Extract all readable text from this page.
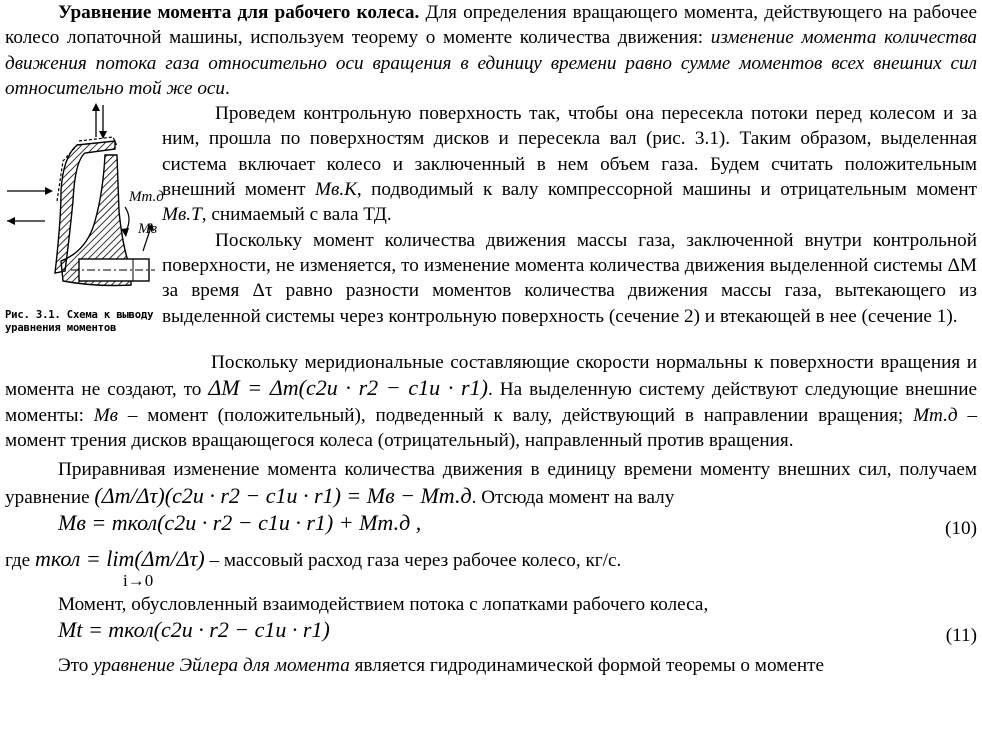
Уравнение момента для рабочего колеса. Для определения вращающего момента, действующего на рабочее колесо лопаточной машины, используем теорему о моменте количества движения: изменение момента количества движения потока газа относительно оси вращения в единицу времени равно сумме моментов всех внешних сил относительно той же оси.

Mт.д
Mв
Рис. 3.1. Схема к выводу уравнения моментов

Проведем контрольную поверхность так, чтобы она пересекла потоки перед колесом и за ним, прошла по поверхностям дисков и пересекла вал (рис. 3.1). Таким образом, выделенная система включает колесо и заключенный в нем объем газа. Будем считать положительным внешний момент Mв.К, подводимый к валу компрессорной машины и отрицательным момент Mв.Т, снимаемый с вала ТД.

Поскольку момент количества движения массы газа, заключенной внутри контрольной поверхности, не изменяется, то изменение момента количества движения выделенной системы ΔM за время Δτ равно разности моментов количества движения массы газа, вытекающего из выделенной системы через контрольную поверхность (сечение 2) и втекающей в нее (сечение 1).

Поскольку меридиональные составляющие скорости нормальны к поверхности вращения и момента не создают, то ΔM = Δm(c2u · r2 − c1u · r1). На выделенную систему действуют следующие внешние моменты: Mв – момент (положительный), подведенный к валу, действующий в направлении вращения; Mт.д – момент трения дисков вращающегося колеса (отрицательный), направленный против вращения.

Приравнивая изменение момента количества движения в единицу времени моменту внешних сил, получаем уравнение (Δm/Δτ)(c2u · r2 − c1u · r1) = Mв − Mт.д. Отсюда момент на валу

Mв = mкол(c2u · r2 − c1u · r1) + Mт.д ,	(10)
где mкол = lim(Δm/Δτ) – массовый расход газа через рабочее колесо, кг/с.
i→0

Момент, обусловленный взаимодействием потока с лопатками рабочего колеса,

Mt = mкол(c2u · r2 − c1u · r1)	(11)

Это уравнение Эйлера для момента является гидродинамической формой теоремы о моменте
